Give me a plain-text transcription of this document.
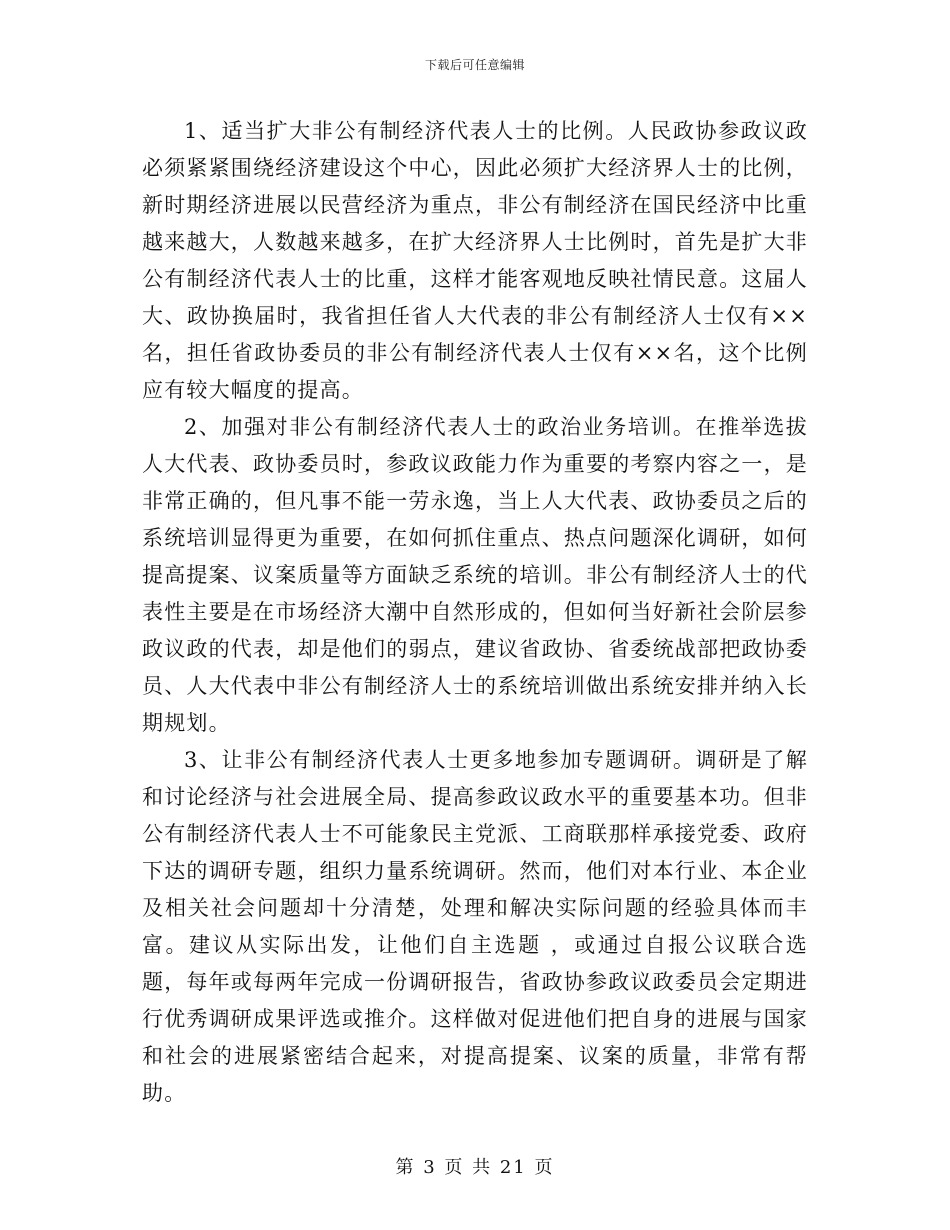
下载后可任意编辑

1、适当扩大非公有制经济代表人士的比例。人民政协参政议政必须紧紧围绕经济建设这个中心，因此必须扩大经济界人士的比例，新时期经济进展以民营经济为重点，非公有制经济在国民经济中比重越来越大，人数越来越多，在扩大经济界人士比例时，首先是扩大非公有制经济代表人士的比重，这样才能客观地反映社情民意。这届人大、政协换届时，我省担任省人大代表的非公有制经济人士仅有××名，担任省政协委员的非公有制经济代表人士仅有××名，这个比例应有较大幅度的提高。

2、加强对非公有制经济代表人士的政治业务培训。在推举选拔人大代表、政协委员时，参政议政能力作为重要的考察内容之一，是非常正确的，但凡事不能一劳永逸，当上人大代表、政协委员之后的系统培训显得更为重要，在如何抓住重点、热点问题深化调研，如何提高提案、议案质量等方面缺乏系统的培训。非公有制经济人士的代表性主要是在市场经济大潮中自然形成的，但如何当好新社会阶层参政议政的代表，却是他们的弱点，建议省政协、省委统战部把政协委员、人大代表中非公有制经济人士的系统培训做出系统安排并纳入长期规划。

3、让非公有制经济代表人士更多地参加专题调研。调研是了解和讨论经济与社会进展全局、提高参政议政水平的重要基本功。但非公有制经济代表人士不可能象民主党派、工商联那样承接党委、政府下达的调研专题，组织力量系统调研。然而，他们对本行业、本企业及相关社会问题却十分清楚，处理和解决实际问题的经验具体而丰富。建议从实际出发，让他们自主选题 ，或通过自报公议联合选题，每年或每两年完成一份调研报告，省政协参政议政委员会定期进行优秀调研成果评选或推介。这样做对促进他们把自身的进展与国家和社会的进展紧密结合起来，对提高提案、议案的质量，非常有帮助。

第 3 页 共 21 页
